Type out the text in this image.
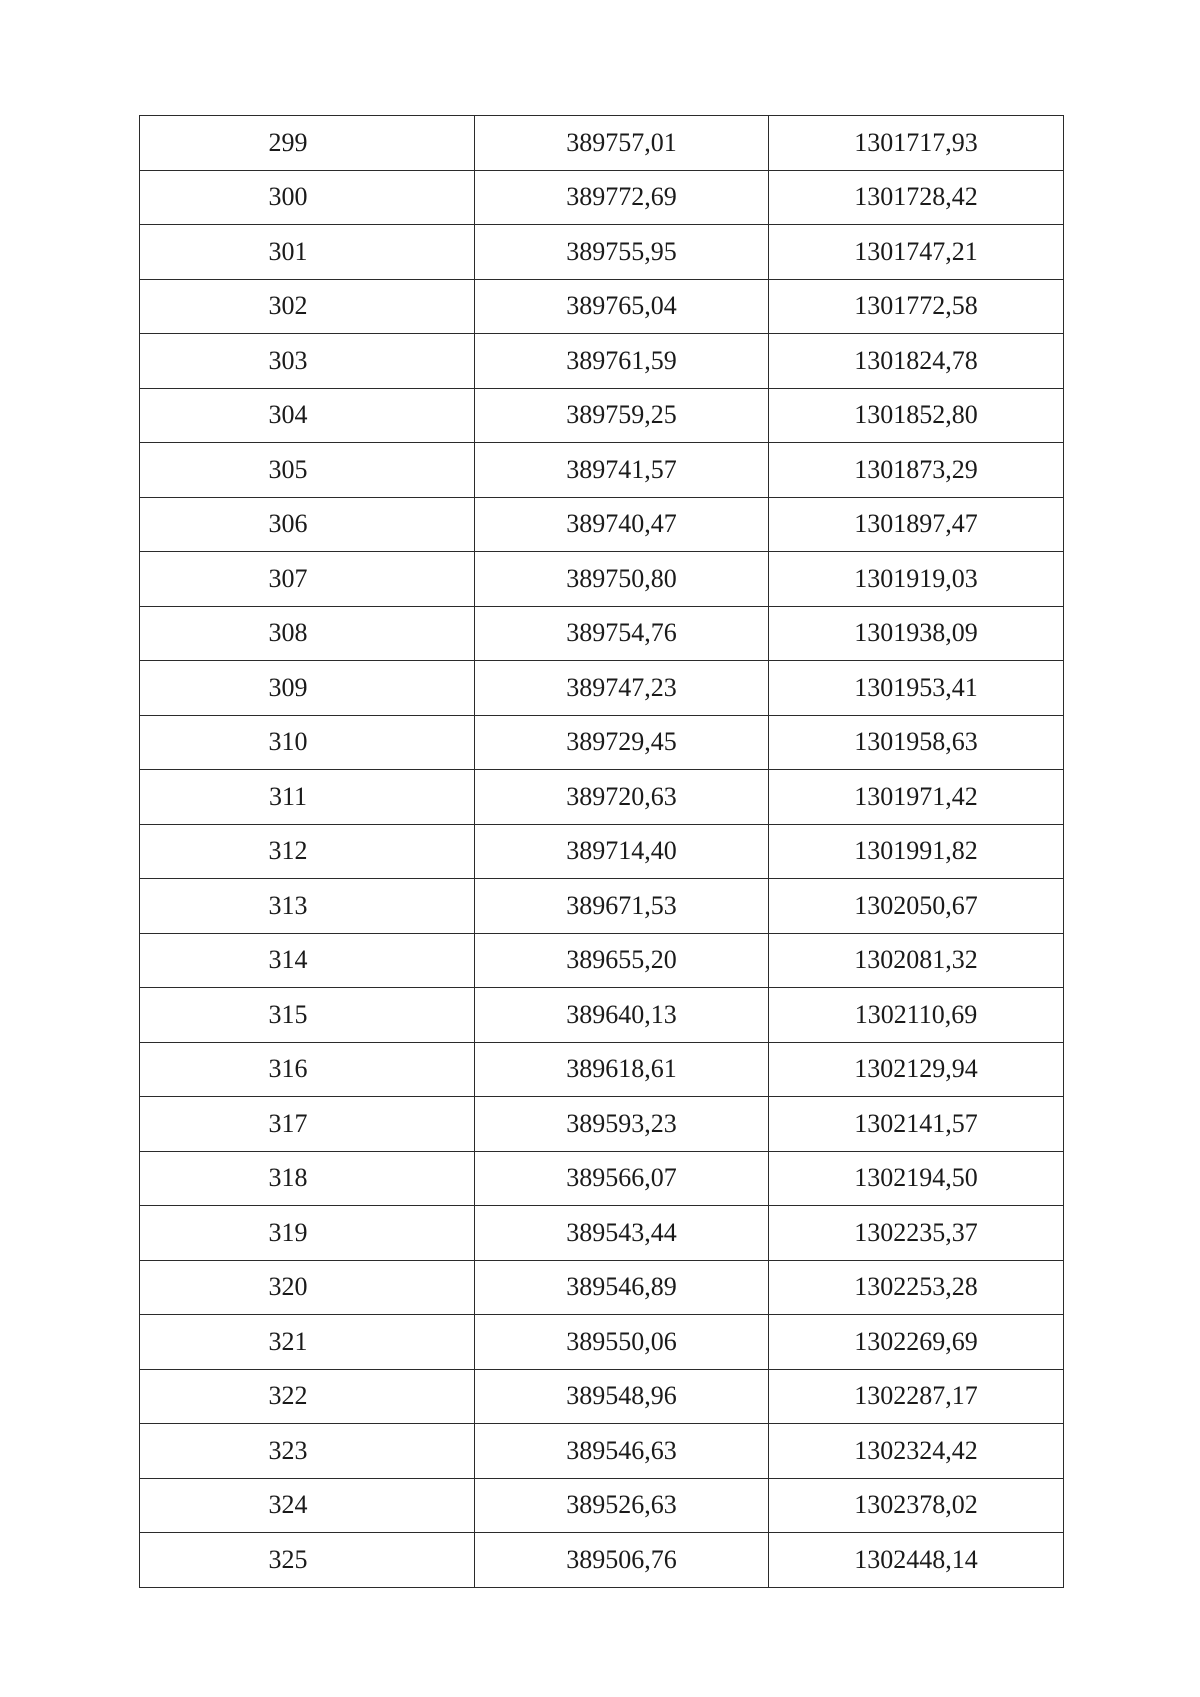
299	389757,01	1301717,93
300	389772,69	1301728,42
301	389755,95	1301747,21
302	389765,04	1301772,58
303	389761,59	1301824,78
304	389759,25	1301852,80
305	389741,57	1301873,29
306	389740,47	1301897,47
307	389750,80	1301919,03
308	389754,76	1301938,09
309	389747,23	1301953,41
310	389729,45	1301958,63
311	389720,63	1301971,42
312	389714,40	1301991,82
313	389671,53	1302050,67
314	389655,20	1302081,32
315	389640,13	1302110,69
316	389618,61	1302129,94
317	389593,23	1302141,57
318	389566,07	1302194,50
319	389543,44	1302235,37
320	389546,89	1302253,28
321	389550,06	1302269,69
322	389548,96	1302287,17
323	389546,63	1302324,42
324	389526,63	1302378,02
325	389506,76	1302448,14
